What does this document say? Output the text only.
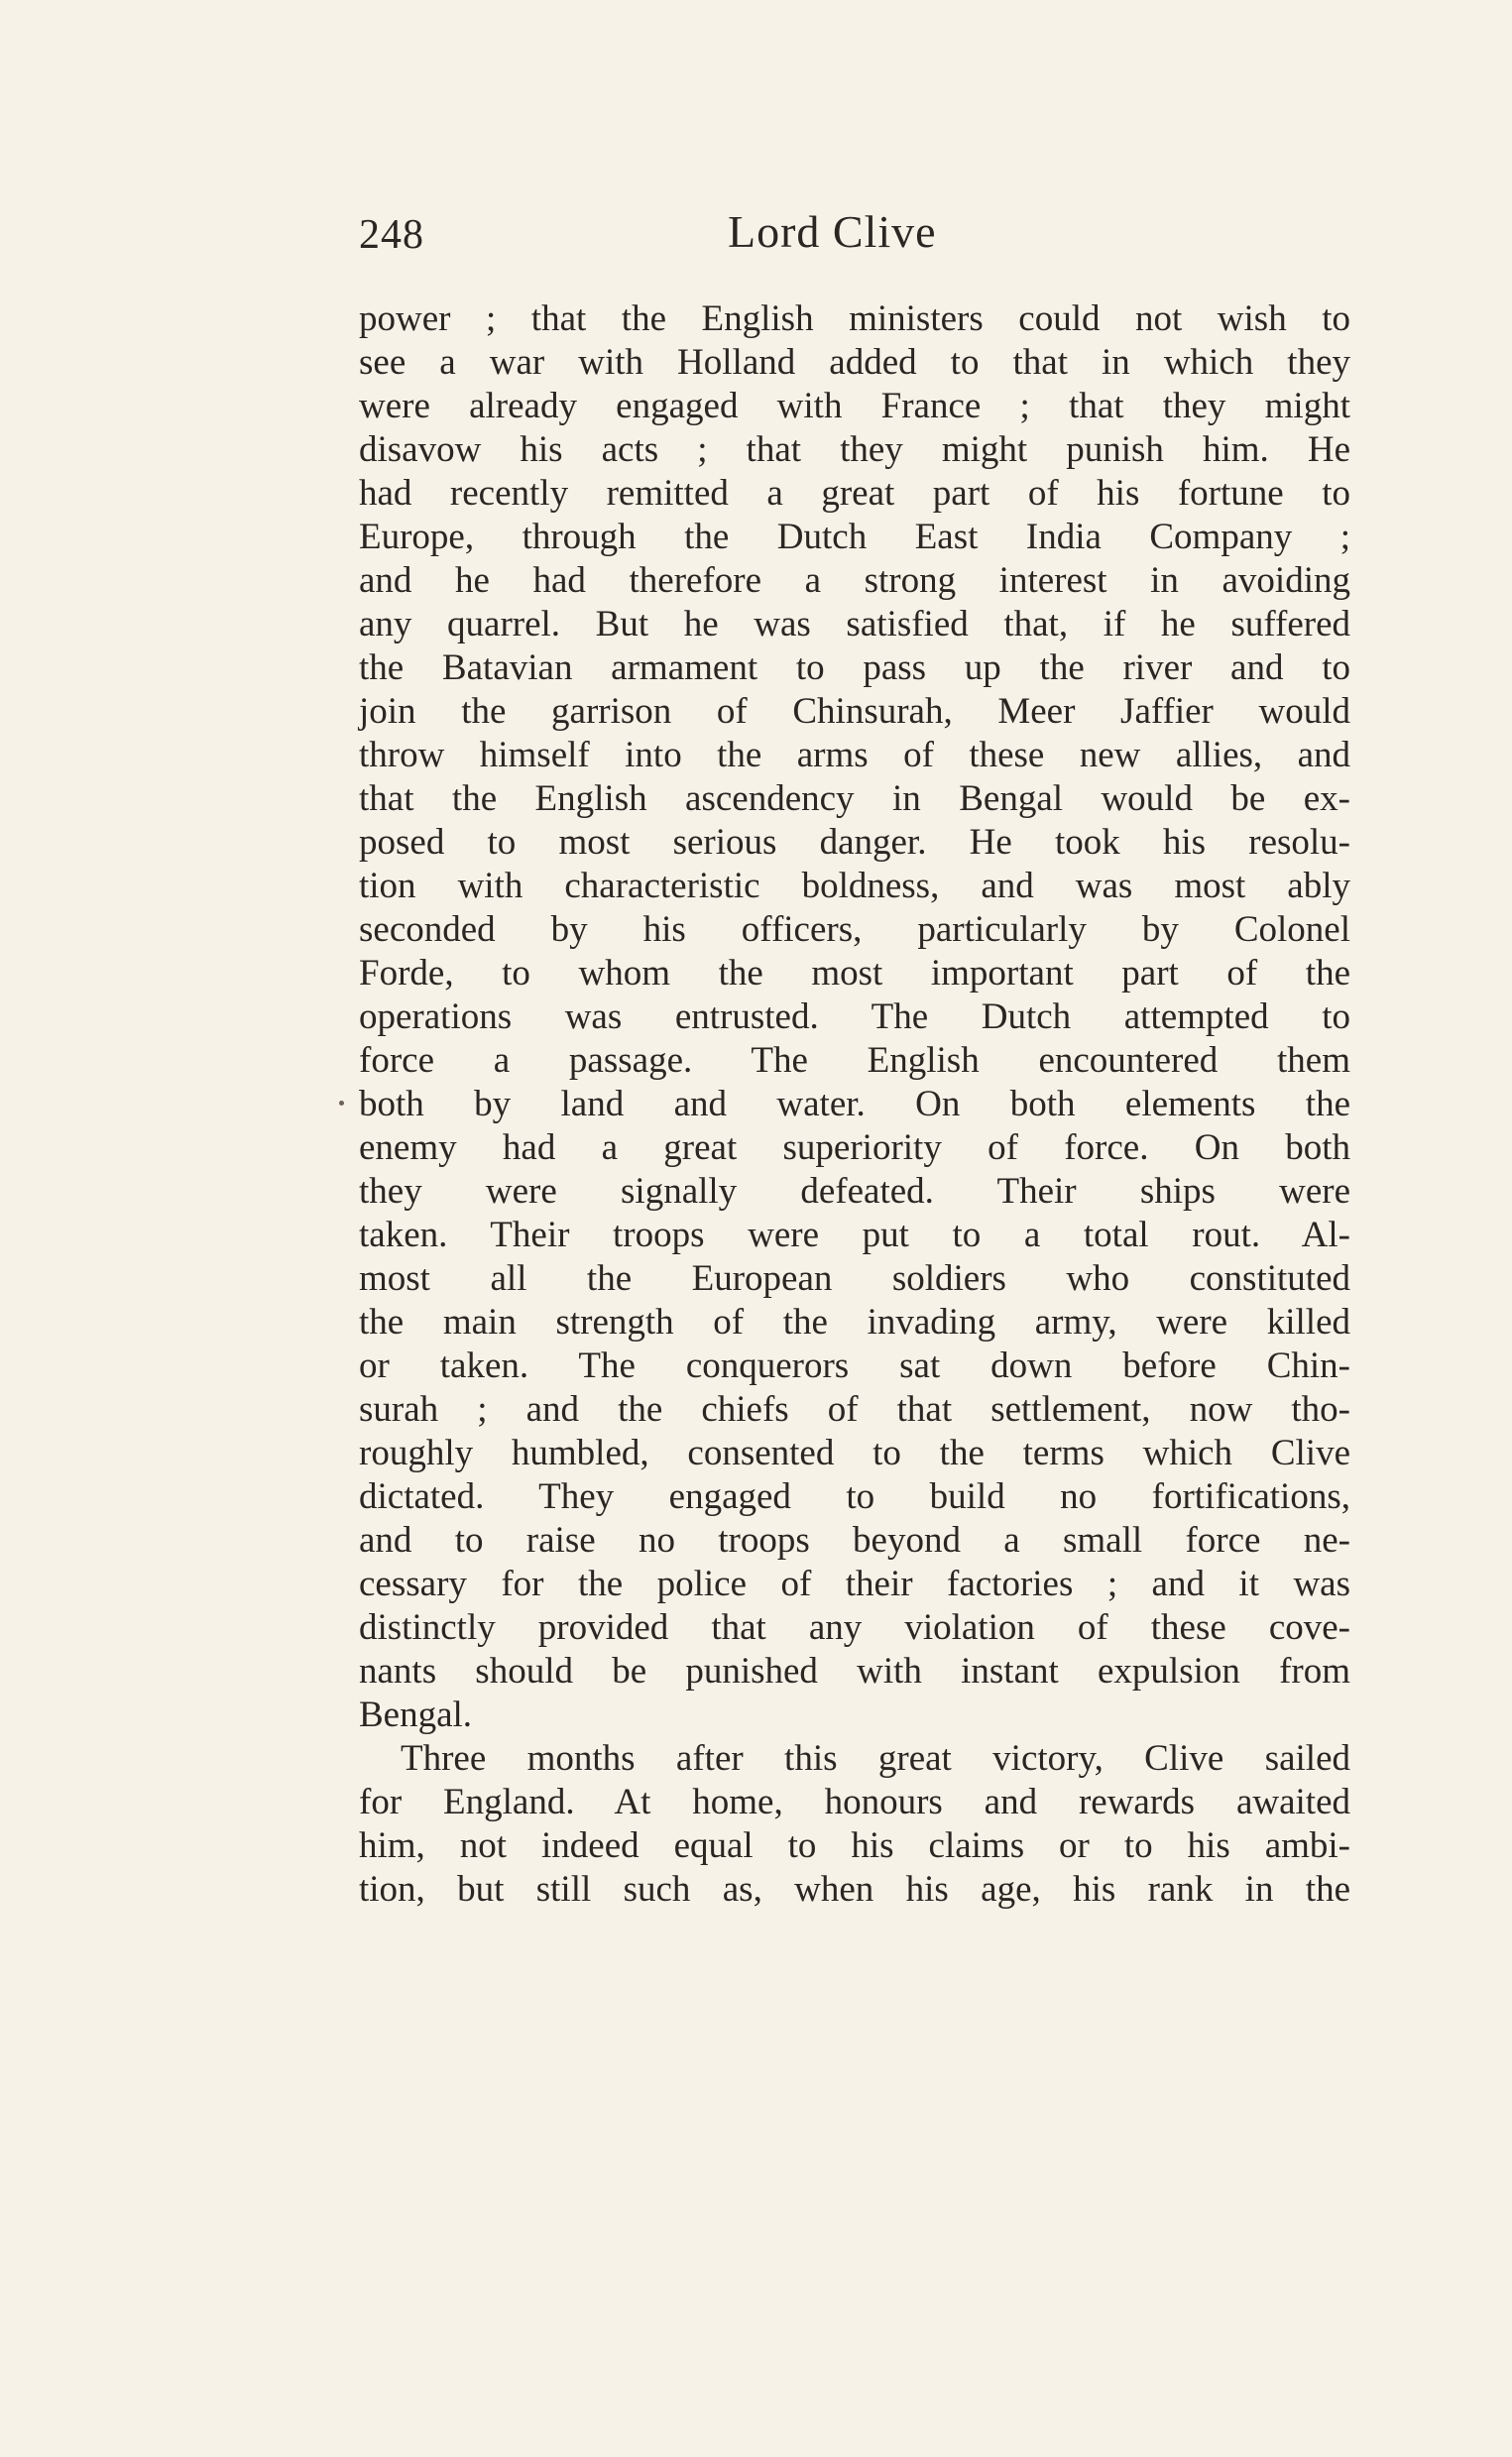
248	Lord Clive
power ; that the English ministers could not wish to
see a war with Holland added to that in which they
were already engaged with France ; that they might
disavow his acts ; that they might punish him. He
had recently remitted a great part of his fortune to
Europe, through the Dutch East India Company ;
and he had therefore a strong interest in avoiding
any quarrel. But he was satisfied that, if he suffered
the Batavian armament to pass up the river and to
join the garrison of Chinsurah, Meer Jaffier would
throw himself into the arms of these new allies, and
that the English ascendency in Bengal would be ex-
posed to most serious danger. He took his resolu-
tion with characteristic boldness, and was most ably
seconded by his officers, particularly by Colonel
Forde, to whom the most important part of the
operations was entrusted. The Dutch attempted to
force a passage. The English encountered them
both by land and water. On both elements the
enemy had a great superiority of force. On both
they were signally defeated. Their ships were
taken. Their troops were put to a total rout. Al-
most all the European soldiers who constituted
the main strength of the invading army, were killed
or taken. The conquerors sat down before Chin-
surah ; and the chiefs of that settlement, now tho-
roughly humbled, consented to the terms which Clive
dictated. They engaged to build no fortifications,
and to raise no troops beyond a small force ne-
cessary for the police of their factories ; and it was
distinctly provided that any violation of these cove-
nants should be punished with instant expulsion from
Bengal.
Three months after this great victory, Clive sailed
for England. At home, honours and rewards awaited
him, not indeed equal to his claims or to his ambi-
tion, but still such as, when his age, his rank in the
